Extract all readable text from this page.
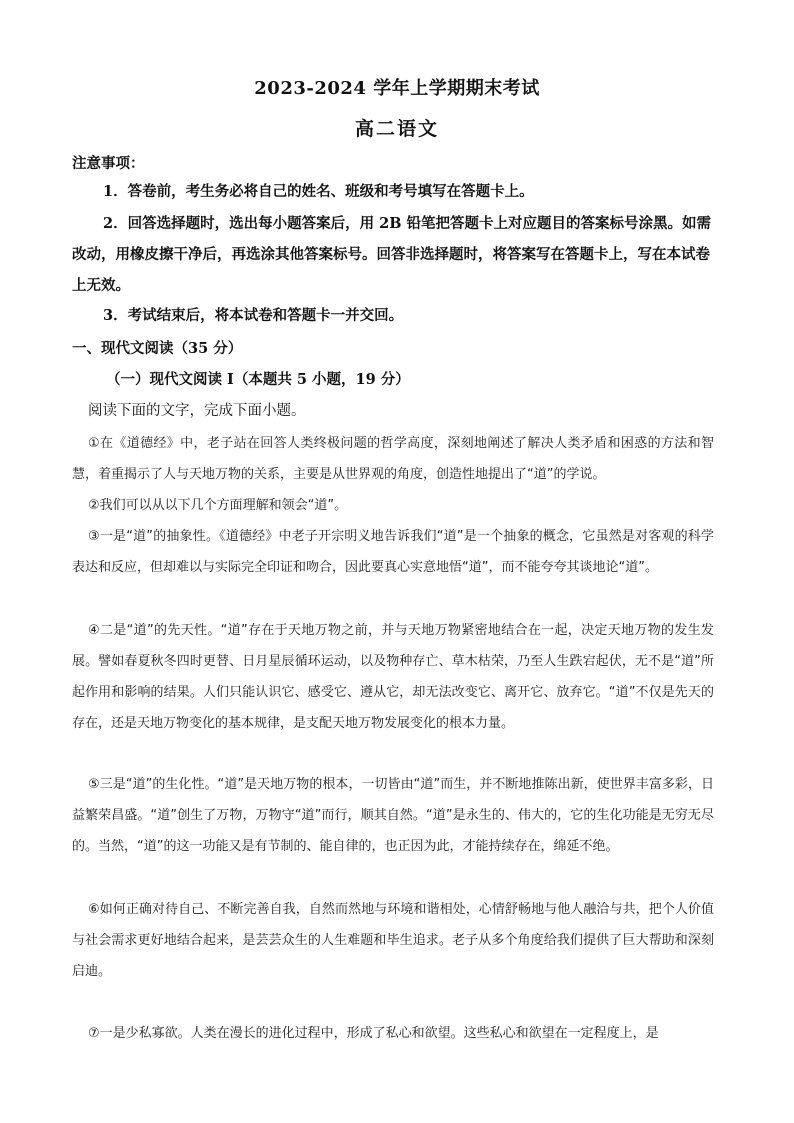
2023-2024 学年上学期期末考试
高二语文
注意事项：
1．答卷前，考生务必将自己的姓名、班级和考号填写在答题卡上。
2．回答选择题时，选出每小题答案后，用 2B 铅笔把答题卡上对应题目的答案标号涂黑。如需改动，用橡皮擦干净后，再选涂其他答案标号。回答非选择题时，将答案写在答题卡上，写在本试卷上无效。
3．考试结束后，将本试卷和答题卡一并交回。
一、现代文阅读（35 分）
（一）现代文阅读 I（本题共 5 小题，19 分）
阅读下面的文字，完成下面小题。
①在《道德经》中，老子站在回答人类终极问题的哲学高度，深刻地阐述了解决人类矛盾和困惑的方法和智慧，着重揭示了人与天地万物的关系，主要是从世界观的角度，创造性地提出了“道”的学说。
②我们可以从以下几个方面理解和领会“道”。
③一是“道”的抽象性。《道德经》中老子开宗明义地告诉我们“道”是一个抽象的概念，它虽然是对客观的科学表达和反应，但却难以与实际完全印证和吻合，因此要真心实意地悟“道”，而不能夸夸其谈地论“道”。
④二是“道”的先天性。“道”存在于天地万物之前，并与天地万物紧密地结合在一起，决定天地万物的发生发展。譬如春夏秋冬四时更替、日月星辰循环运动，以及物种存亡、草木枯荣，乃至人生跌宕起伏，无不是“道”所起作用和影响的结果。人们只能认识它、感受它、遵从它，却无法改变它、离开它、放弃它。“道”不仅是先天的存在，还是天地万物变化的基本规律，是支配天地万物发展变化的根本力量。
⑤三是“道”的生化性。“道”是天地万物的根本，一切皆由“道”而生，并不断地推陈出新，使世界丰富多彩，日益繁荣昌盛。“道”创生了万物，万物守“道”而行，顺其自然。“道”是永生的、伟大的，它的生化功能是无穷无尽的。当然，“道”的这一功能又是有节制的、能自律的，也正因为此，才能持续存在，绵延不绝。
⑥如何正确对待自己、不断完善自我，自然而然地与环境和谐相处，心情舒畅地与他人融洽与共，把个人价值与社会需求更好地结合起来，是芸芸众生的人生难题和毕生追求。老子从多个角度给我们提供了巨大帮助和深刻启迪。
⑦一是少私寡欲。人类在漫长的进化过程中，形成了私心和欲望。这些私心和欲望在一定程度上，是
